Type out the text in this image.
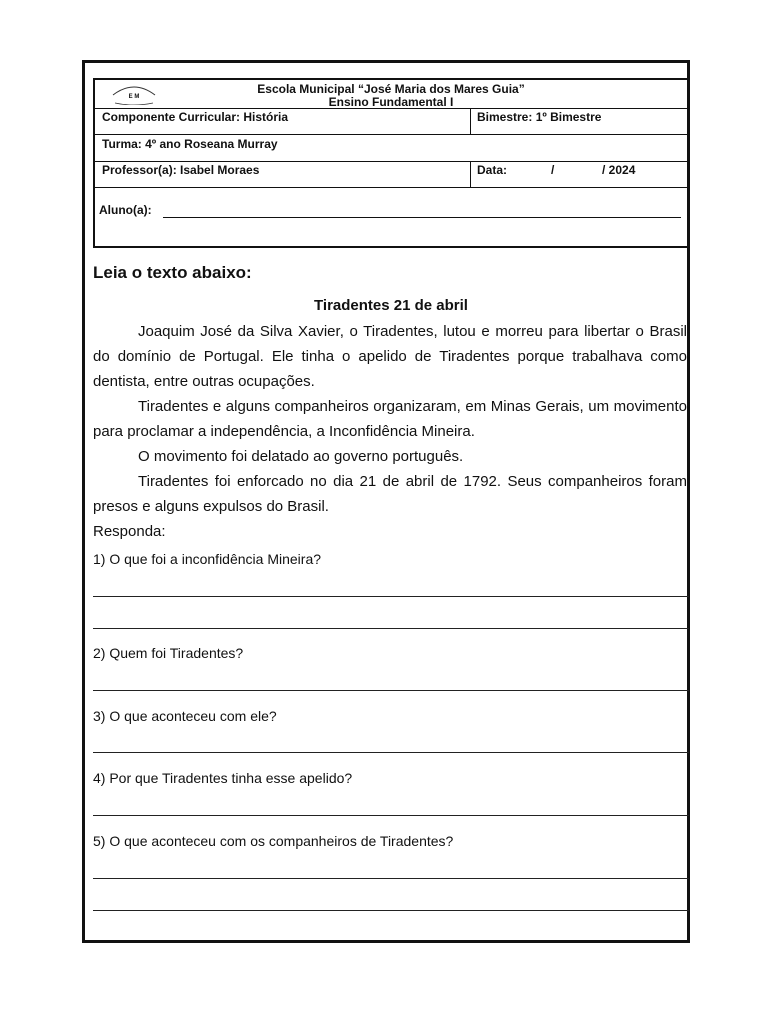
E M
Escola Municipal “José Maria dos Mares Guia”
Ensino Fundamental I
Componente Curricular: História	Bimestre: 1º Bimestre
Turma: 4º ano Roseana Murray
Professor(a): Isabel Moraes	Data:	/	/ 2024
Aluno(a):
Leia o texto abaixo:
Tiradentes 21 de abril
Joaquim José da Silva Xavier, o Tiradentes, lutou e morreu para libertar o Brasil do domínio de Portugal. Ele tinha o apelido de Tiradentes porque trabalhava como dentista, entre outras ocupações.
Tiradentes e alguns companheiros organizaram, em Minas Gerais, um movimento para proclamar a independência, a Inconfidência Mineira.
O movimento foi delatado ao governo português.
Tiradentes foi enforcado no dia 21 de abril de 1792. Seus companheiros foram presos e alguns expulsos do Brasil.
Responda:
1) O que foi a inconfidência Mineira?
2) Quem foi Tiradentes?
3) O que aconteceu com ele?
4) Por que Tiradentes tinha esse apelido?
5) O que aconteceu com os companheiros de Tiradentes?
